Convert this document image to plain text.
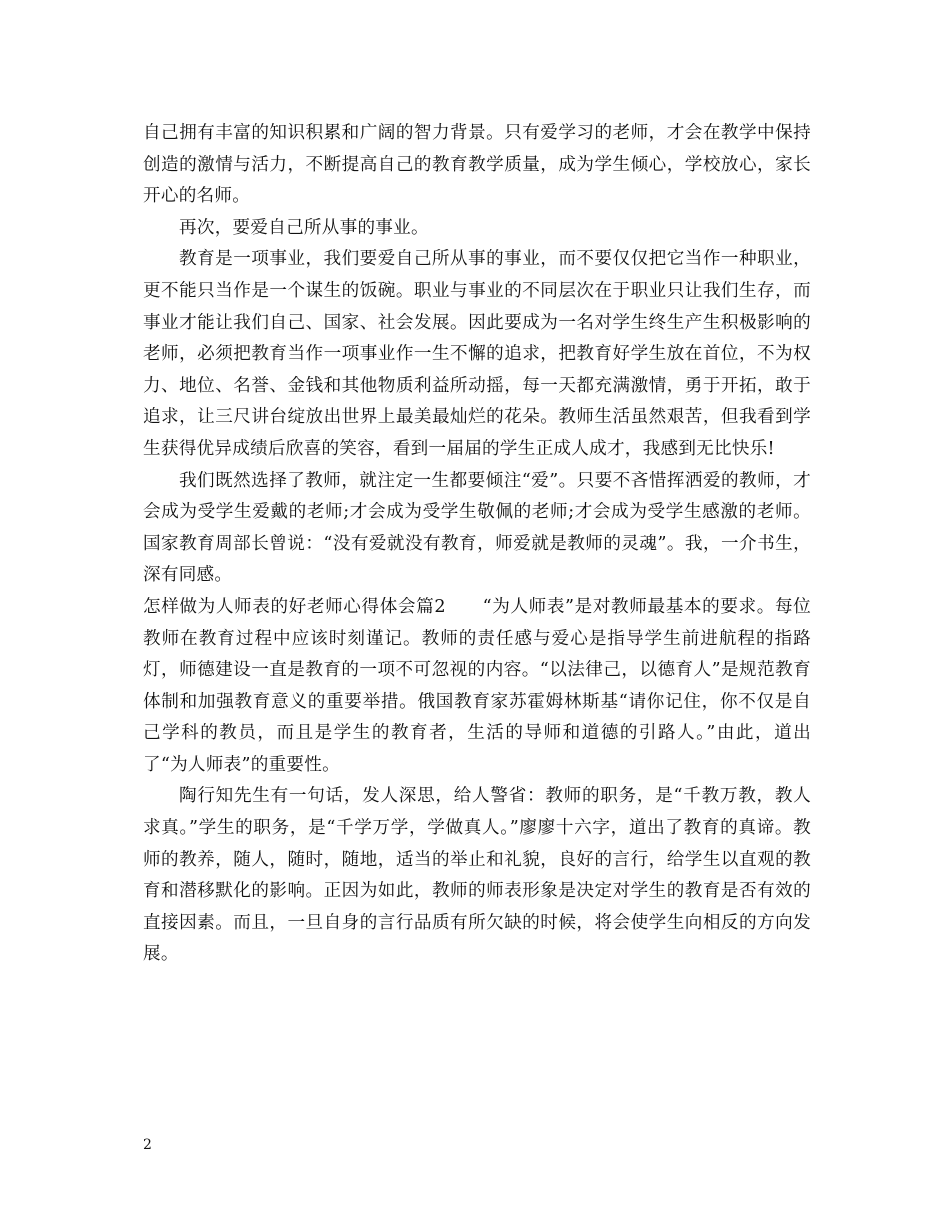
自己拥有丰富的知识积累和广阔的智力背景。只有爱学习的老师，才会在教学中保持创造的激情与活力，不断提高自己的教育教学质量，成为学生倾心，学校放心，家长开心的名师。

再次，要爱自己所从事的事业。

教育是一项事业，我们要爱自己所从事的事业，而不要仅仅把它当作一种职业，更不能只当作是一个谋生的饭碗。职业与事业的不同层次在于职业只让我们生存，而事业才能让我们自己、国家、社会发展。因此要成为一名对学生终生产生积极影响的老师，必须把教育当作一项事业作一生不懈的追求，把教育好学生放在首位，不为权力、地位、名誉、金钱和其他物质利益所动摇，每一天都充满激情，勇于开拓，敢于追求，让三尺讲台绽放出世界上最美最灿烂的花朵。教师生活虽然艰苦，但我看到学生获得优异成绩后欣喜的笑容，看到一届届的学生正成人成才，我感到无比快乐!

我们既然选择了教师，就注定一生都要倾注“爱”。只要不吝惜挥洒爱的教师，才会成为受学生爱戴的老师;才会成为受学生敬佩的老师;才会成为受学生感激的老师。国家教育周部长曾说：“没有爱就没有教育，师爱就是教师的灵魂”。我，一介书生，深有同感。

怎样做为人师表的好老师心得体会篇2　　“为人师表”是对教师最基本的要求。每位教师在教育过程中应该时刻谨记。教师的责任感与爱心是指导学生前进航程的指路灯，师德建设一直是教育的一项不可忽视的内容。“以法律己，以德育人”是规范教育体制和加强教育意义的重要举措。俄国教育家苏霍姆林斯基“请你记住，你不仅是自己学科的教员，而且是学生的教育者，生活的导师和道德的引路人。”由此，道出了“为人师表”的重要性。

陶行知先生有一句话，发人深思，给人警省：教师的职务，是“千教万教，教人求真。”学生的职务，是“千学万学，学做真人。”廖廖十六字，道出了教育的真谛。教师的教养，随人，随时，随地，适当的举止和礼貌，良好的言行，给学生以直观的教育和潜移默化的影响。正因为如此，教师的师表形象是决定对学生的教育是否有效的直接因素。而且，一旦自身的言行品质有所欠缺的时候，将会使学生向相反的方向发展。

2
